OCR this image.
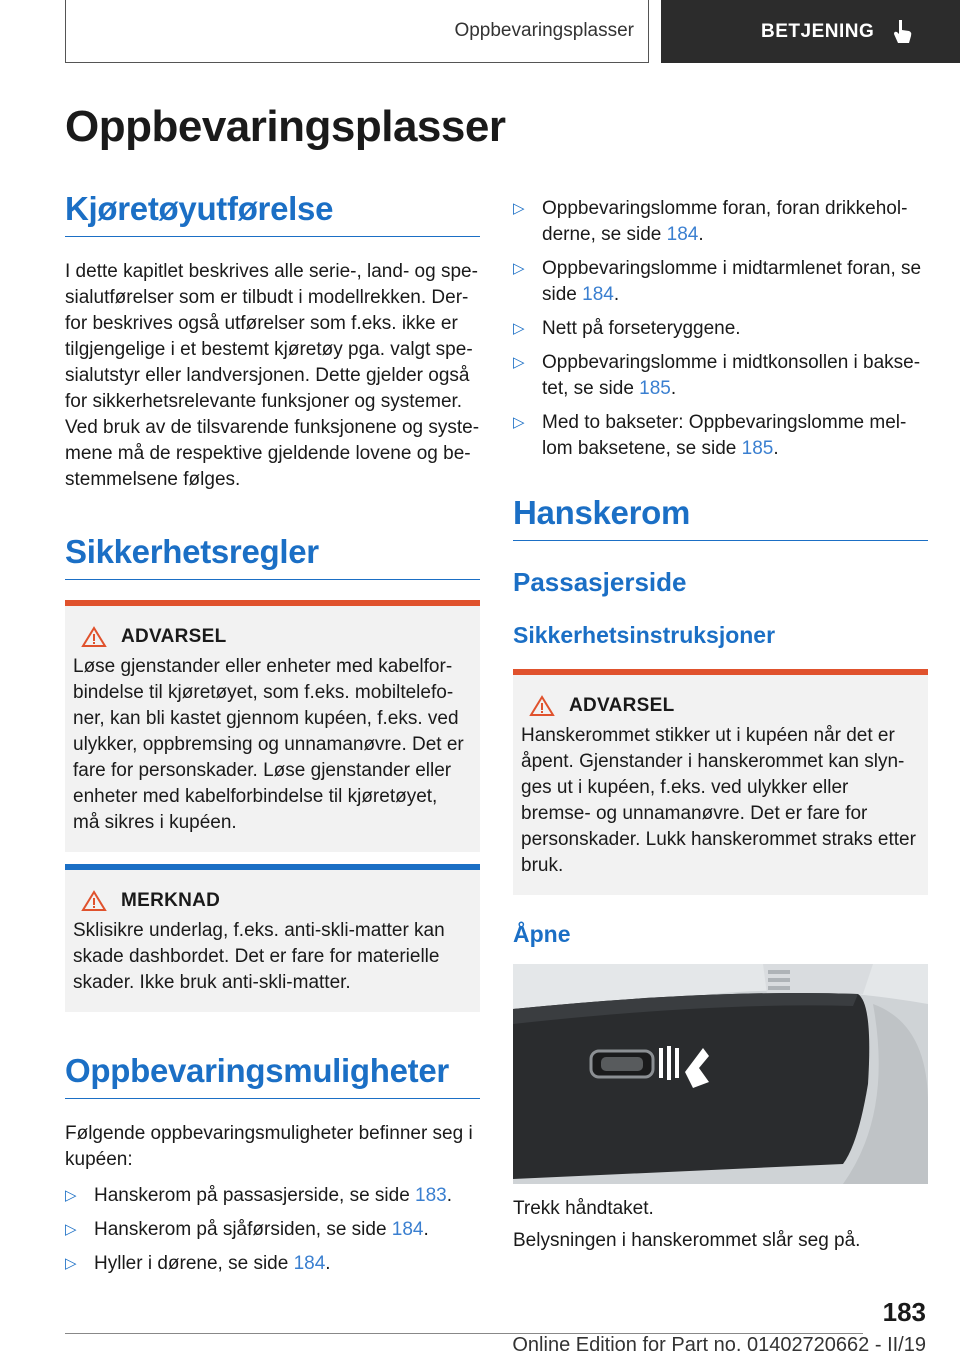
Oppbevaringsplasser	BETJENING
Oppbevaringsplasser
Kjøretøyutførelse

I dette kapitlet beskrives alle serie-, land- og spesialutførelser som er tilbudt i modellrekken. Derfor beskrives også utførelser som f.eks. ikke er tilgjengelige i et bestemt kjøretøy pga. valgt spesialutstyr eller landversjonen. Dette gjelder også for sikkerhetsrelevante funksjoner og systemer. Ved bruk av de tilsvarende funksjonene og systemene må de respektive gjeldende lovene og bestemmelsene følges.

Sikkerhetsregler
ADVARSEL

Løse gjenstander eller enheter med kabelforbindelse til kjøretøyet, som f.eks. mobiltelefoner, kan bli kastet gjennom kupéen, f.eks. ved ulykker, oppbremsing og unnamanøvre. Det er fare for personskader. Løse gjenstander eller enheter med kabelforbindelse til kjøretøyet, må sikres i kupéen.

MERKNAD

Sklisikre underlag, f.eks. anti-skli-matter kan skade dashbordet. Det er fare for materielle skader. Ikke bruk anti-skli-matter.

Oppbevaringsmuligheter

Følgende oppbevaringsmuligheter befinner seg i kupéen:

▷ Hanskerom på passasjerside, se side 183.
▷ Hanskerom på sjåførsiden, se side 184.
▷ Hyller i dørene, se side 184.
▷ Oppbevaringslomme foran, foran drikkeholderne, se side 184.
▷ Oppbevaringslomme i midtarmlenet foran, se side 184.
▷ Nett på forseteryggene.
▷ Oppbevaringslomme i midtkonsollen i baksetet, se side 185.
▷ Med to bakseter: Oppbevaringslomme mellom baksetene, se side 185.
Hanskerom
Passasjerside
Sikkerhetsinstruksjoner
ADVARSEL

Hanskerommet stikker ut i kupéen når det er åpent. Gjenstander i hanskerommet kan slynges ut i kupéen, f.eks. ved ulykker eller bremse- og unnamanøvre. Det er fare for personskader. Lukk hanskerommet straks etter bruk.

Åpne

Trekk håndtaket.

Belysningen i hanskerommet slår seg på.

183
Online Edition for Part no. 01402720662 - II/19
